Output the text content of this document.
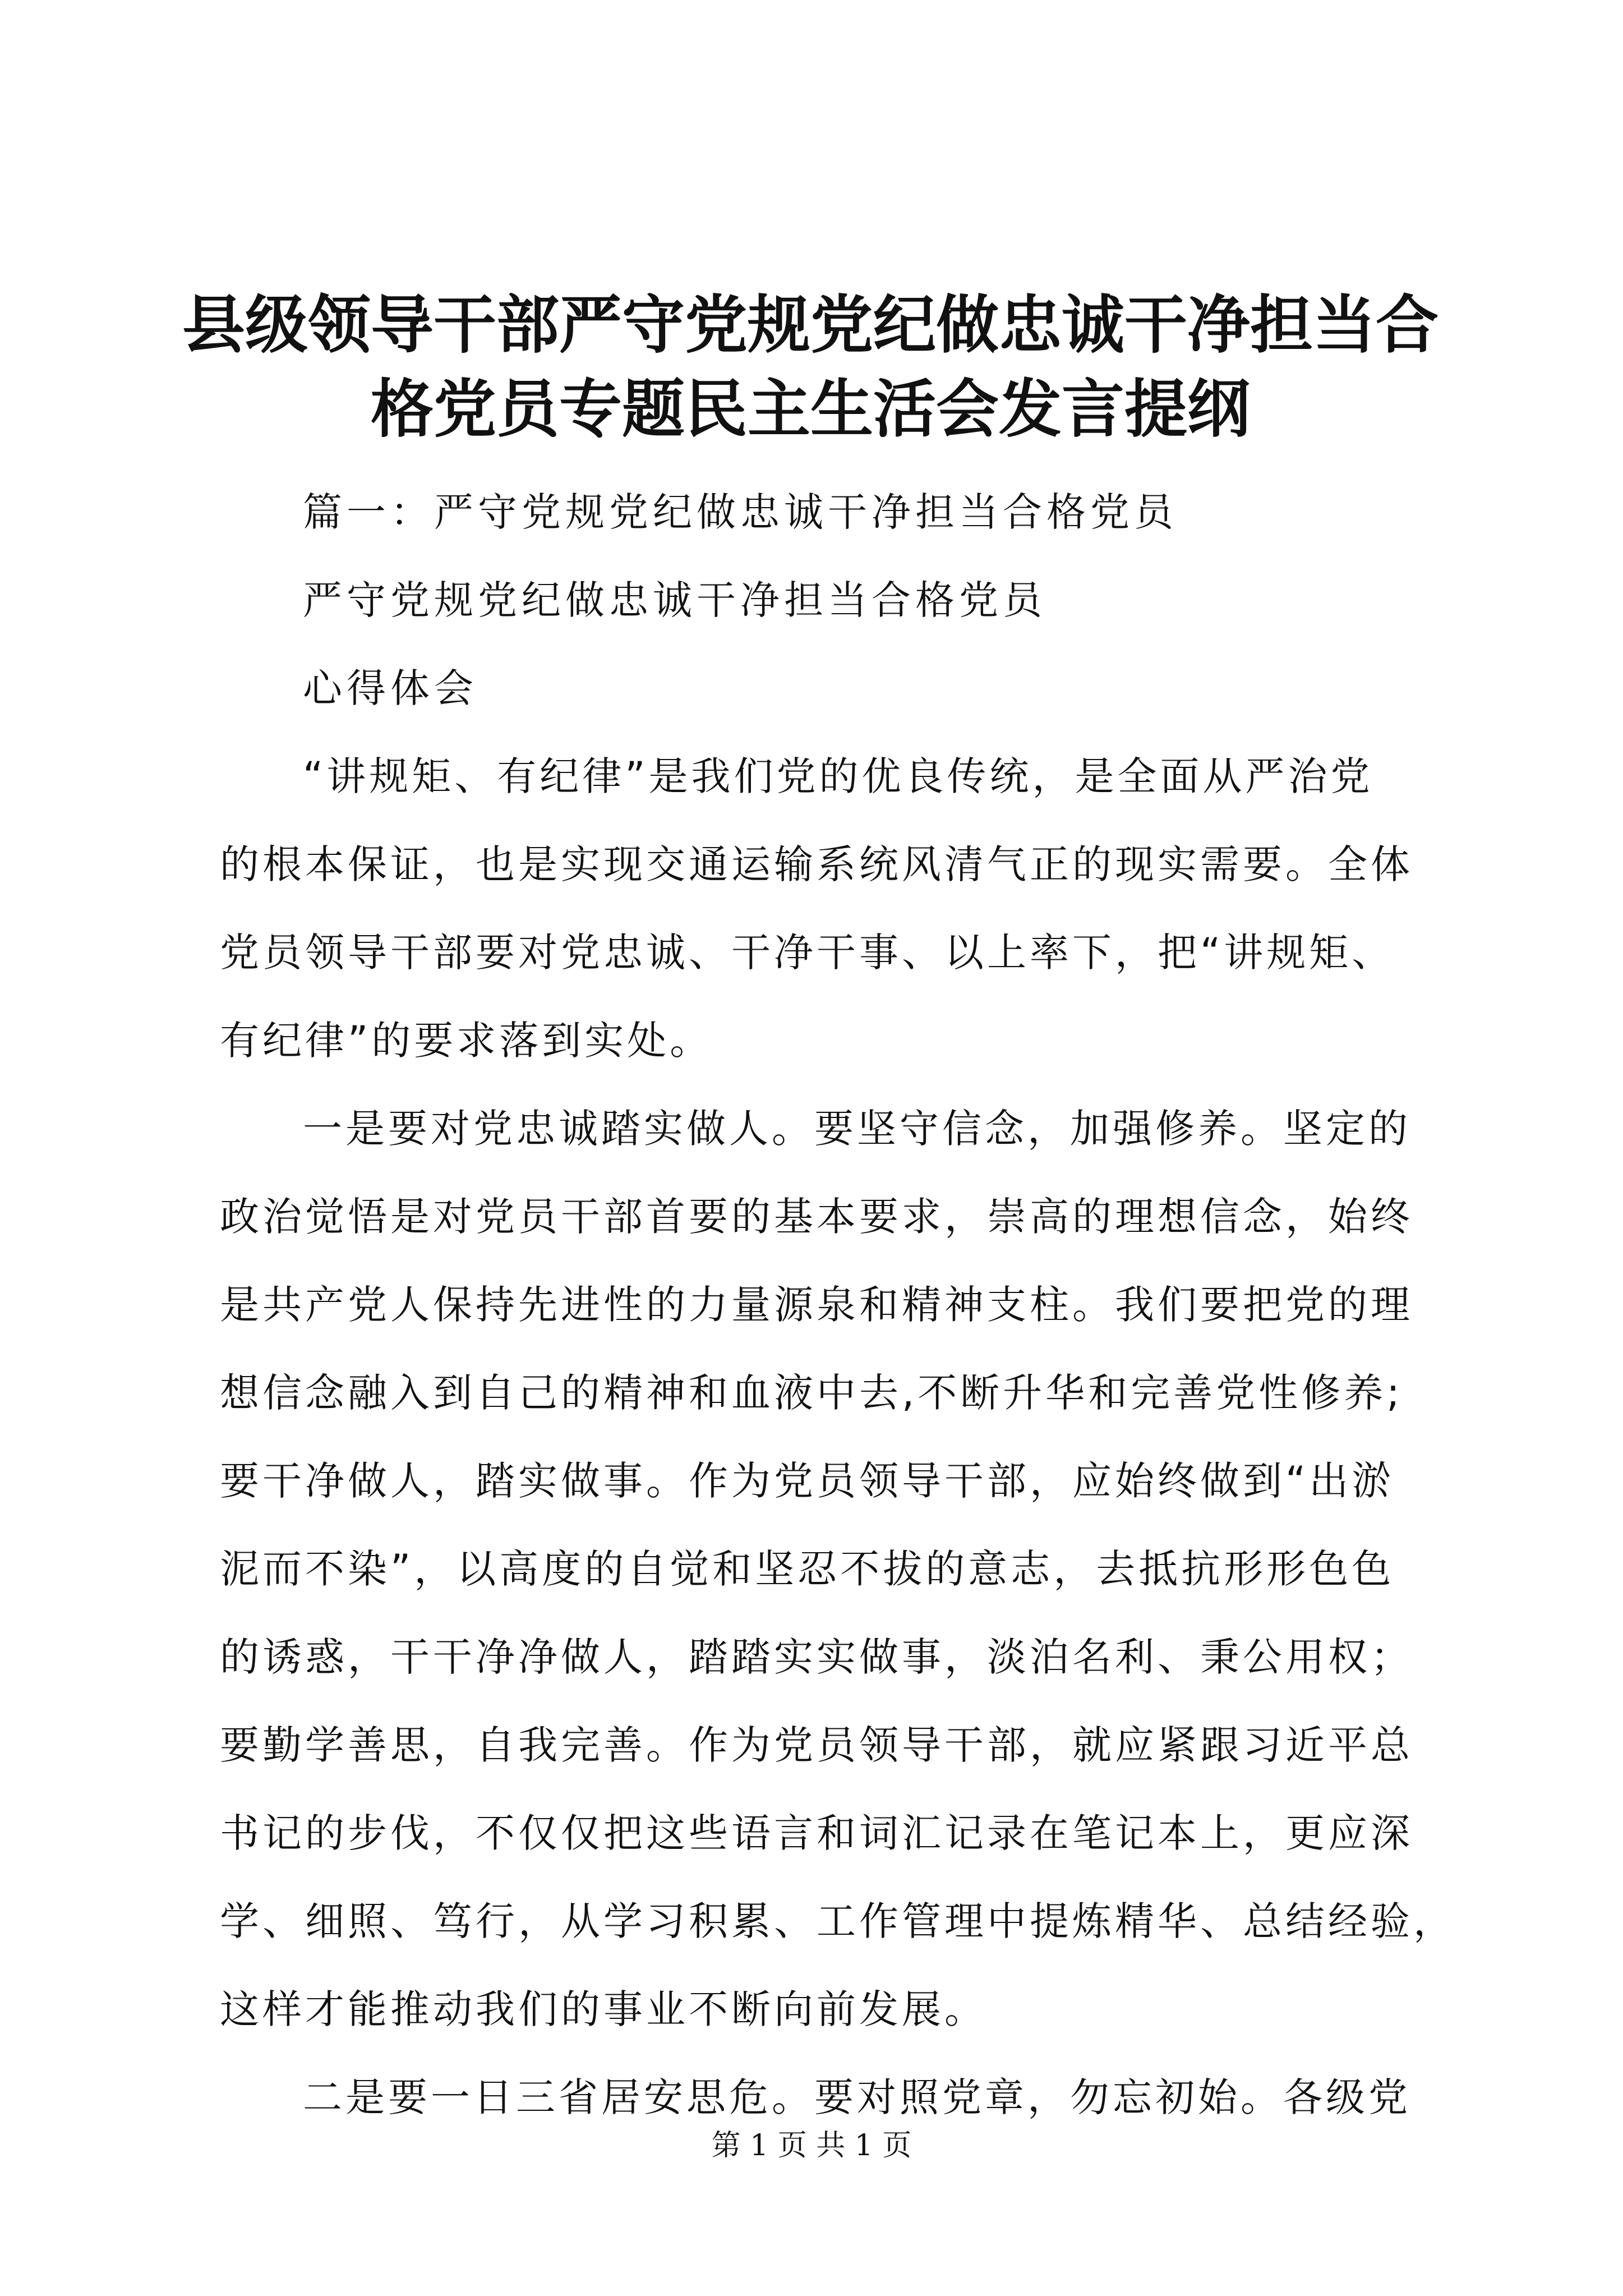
县级领导干部严守党规党纪做忠诚干净担当合
格党员专题民主生活会发言提纲
篇一：严守党规党纪做忠诚干净担当合格党员
严守党规党纪做忠诚干净担当合格党员
心得体会
“讲规矩、有纪律”是我们党的优良传统，是全面从严治党
的根本保证，也是实现交通运输系统风清气正的现实需要。全体
党员领导干部要对党忠诚、干净干事、以上率下，把“讲规矩、
有纪律”的要求落到实处。
一是要对党忠诚踏实做人。要坚守信念，加强修养。坚定的
政治觉悟是对党员干部首要的基本要求，崇高的理想信念，始终
是共产党人保持先进性的力量源泉和精神支柱。我们要把党的理
想信念融入到自己的精神和血液中去,不断升华和完善党性修养;
要干净做人，踏实做事。作为党员领导干部，应始终做到“出淤
泥而不染”，以高度的自觉和坚忍不拔的意志，去抵抗形形色色
的诱惑，干干净净做人，踏踏实实做事，淡泊名利、秉公用权；
要勤学善思，自我完善。作为党员领导干部，就应紧跟习近平总
书记的步伐，不仅仅把这些语言和词汇记录在笔记本上，更应深
学、细照、笃行，从学习积累、工作管理中提炼精华、总结经验，
这样才能推动我们的事业不断向前发展。
二是要一日三省居安思危。要对照党章，勿忘初始。各级党
第 1 页 共 1 页
